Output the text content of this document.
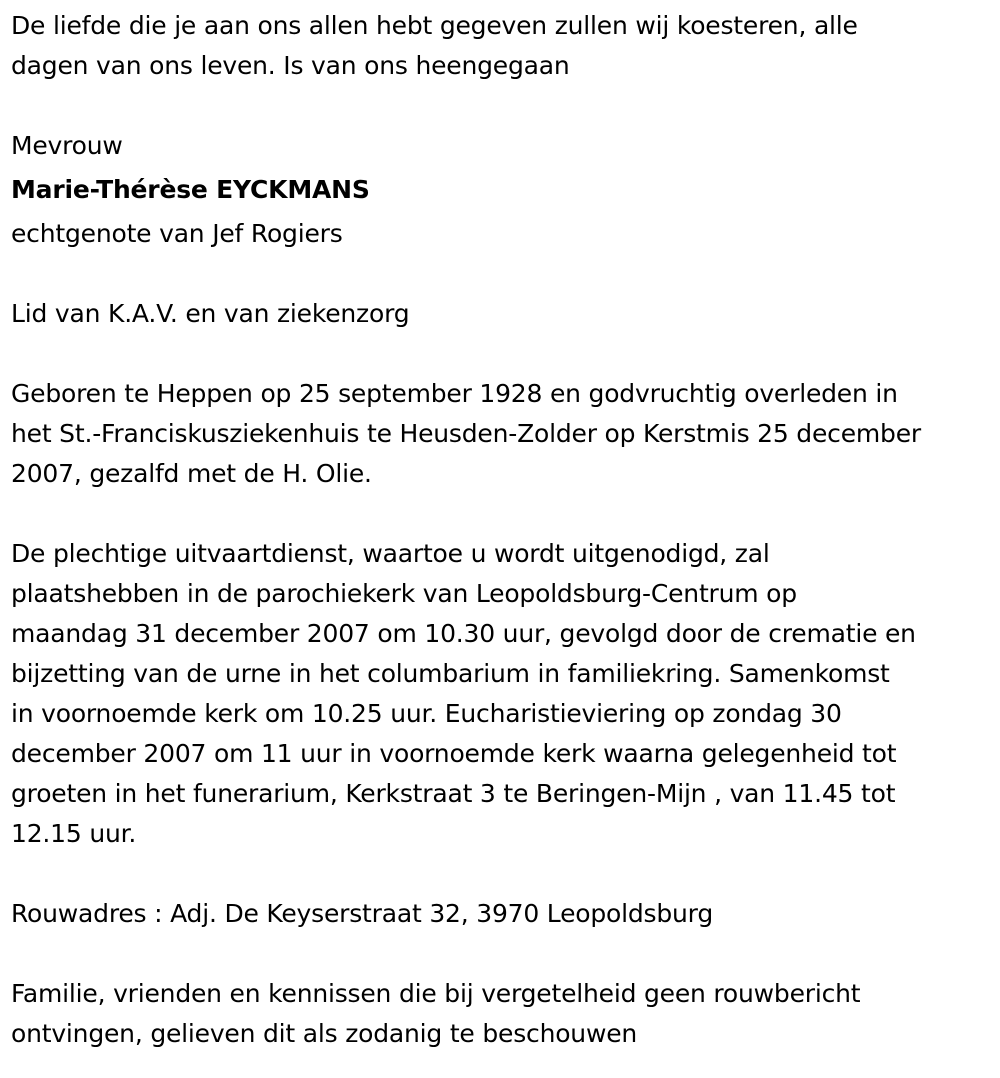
De liefde die je aan ons allen hebt gegeven zullen wij koesteren, alle
dagen van ons leven. Is van ons heengegaan
Mevrouw
Marie-Thérèse EYCKMANS
echtgenote van Jef Rogiers
Lid van K.A.V. en van ziekenzorg
Geboren te Heppen op 25 september 1928 en godvruchtig overleden in
het St.-Franciskusziekenhuis te Heusden-Zolder op Kerstmis 25 december
2007, gezalfd met de H. Olie.
De plechtige uitvaartdienst, waartoe u wordt uitgenodigd, zal
plaatshebben in de parochiekerk van Leopoldsburg-Centrum op
maandag 31 december 2007 om 10.30 uur, gevolgd door de crematie en
bijzetting van de urne in het columbarium in familiekring. Samenkomst
in voornoemde kerk om 10.25 uur. Eucharistieviering op zondag 30
december 2007 om 11 uur in voornoemde kerk waarna gelegenheid tot
groeten in het funerarium, Kerkstraat 3 te Beringen-Mijn , van 11.45 tot
12.15 uur.
Rouwadres : Adj. De Keyserstraat 32, 3970 Leopoldsburg
Familie, vrienden en kennissen die bij vergetelheid geen rouwbericht
ontvingen, gelieven dit als zodanig te beschouwen
